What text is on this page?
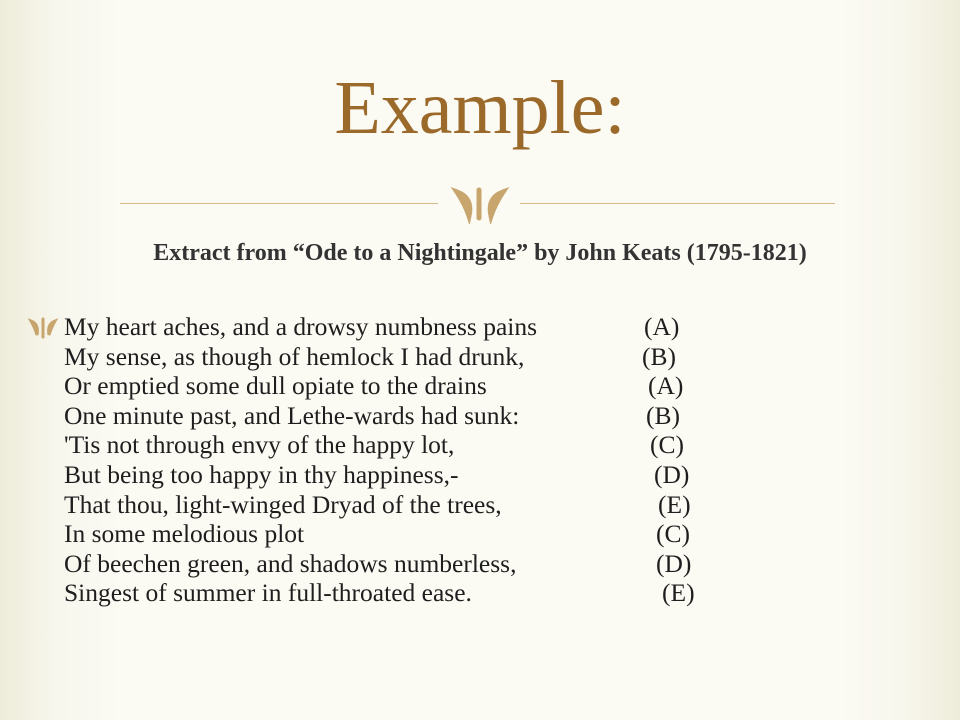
Example:
Extract from “Ode to a Nightingale” by John Keats (1795-1821)
My heart aches, and a drowsy numbness pains	(A)
My sense, as though of hemlock I had drunk,	(B)
Or emptied some dull opiate to the drains	(A)
One minute past, and Lethe-wards had sunk:	(B)
'Tis not through envy of the happy lot,	(C)
But being too happy in thy happiness,-	(D)
That thou, light-winged Dryad of the trees,	(E)
In some melodious plot	(C)
Of beechen green, and shadows numberless,	(D)
Singest of summer in full-throated ease.	(E)
